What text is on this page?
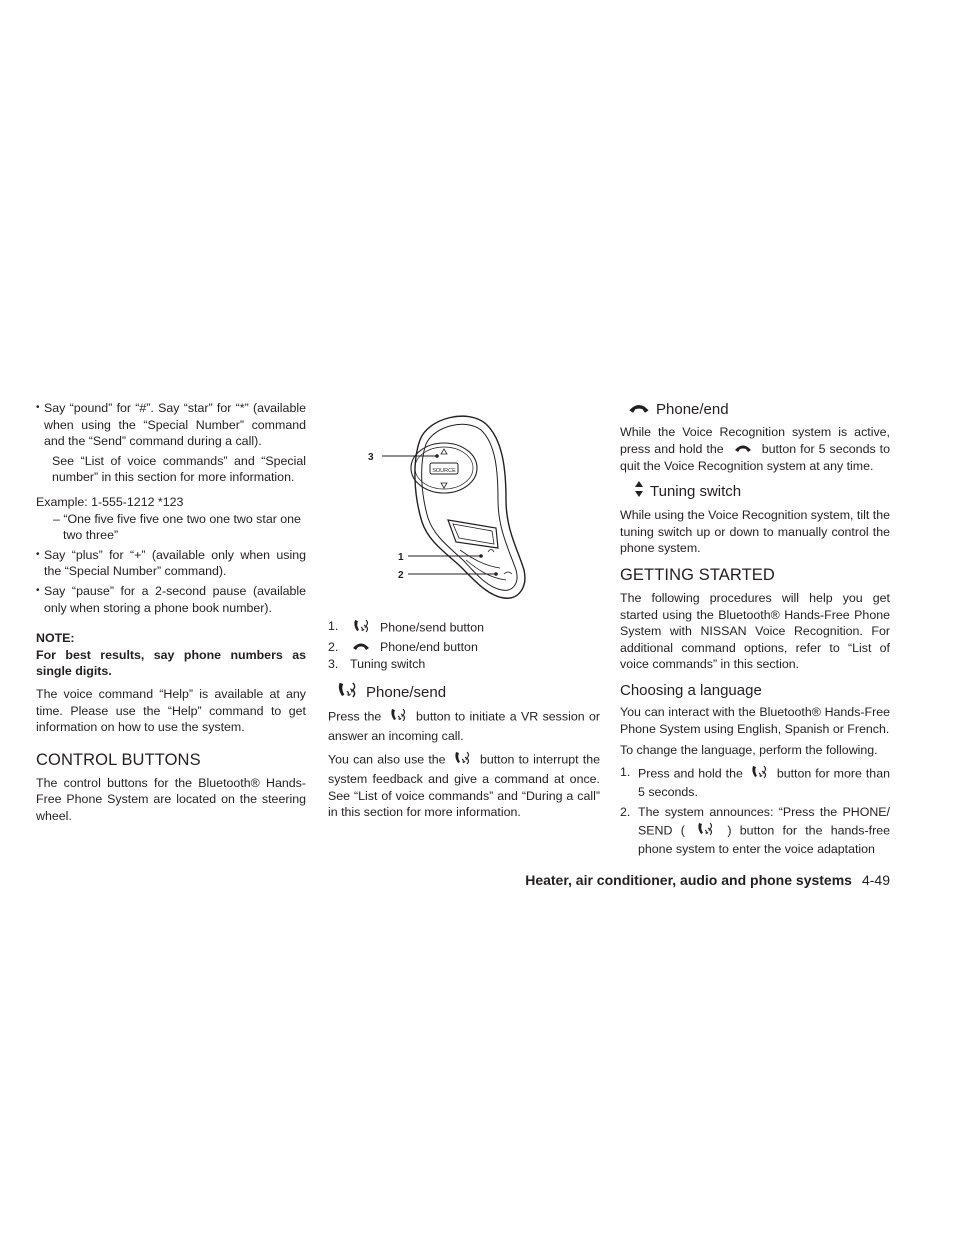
• Say “pound” for “#”. Say “star” for “*” (available when using the “Special Number” command and the “Send” command during a call).

See “List of voice commands” and “Special number” in this section for more information.

Example: 1-555-1212 *123

– “One five five five one two one two star one two three”

• Say “plus” for “+” (available only when using the “Special Number” command).

• Say “pause” for a 2-second pause (available only when storing a phone book number).

NOTE:

For best results, say phone numbers as single digits.

The voice command “Help” is available at any time. Please use the “Help” command to get information on how to use the system.

CONTROL BUTTONS

The control buttons for the Bluetooth® Hands-Free Phone System are located on the steering wheel.

SOURCE
3
1
2
1.	Phone/send button
2.	Phone/end button
3. Tuning switch
Phone/send

Press the	button to initiate a VR session or answer an incoming call.

You can also use the	button to interrupt the system feedback and give a command at once. See “List of voice commands” and “During a call” in this section for more information.

Phone/end

While the Voice Recognition system is active, press and hold the	button for 5 seconds to quit the Voice Recognition system at any time.

Tuning switch

While using the Voice Recognition system, tilt the tuning switch up or down to manually control the phone system.

GETTING STARTED

The following procedures will help you get started using the Bluetooth® Hands-Free Phone System with NISSAN Voice Recognition. For additional command options, refer to “List of voice commands” in this section.

Choosing a language

You can interact with the Bluetooth® Hands-Free Phone System using English, Spanish or French.

To change the language, perform the following.

1. Press and hold the	button for more than 5 seconds.
2. The system announces: “Press the PHONE/ SEND (	) button for the hands-free phone system to enter the voice adaptation
Heater, air conditioner, audio and phone systems 4-49
